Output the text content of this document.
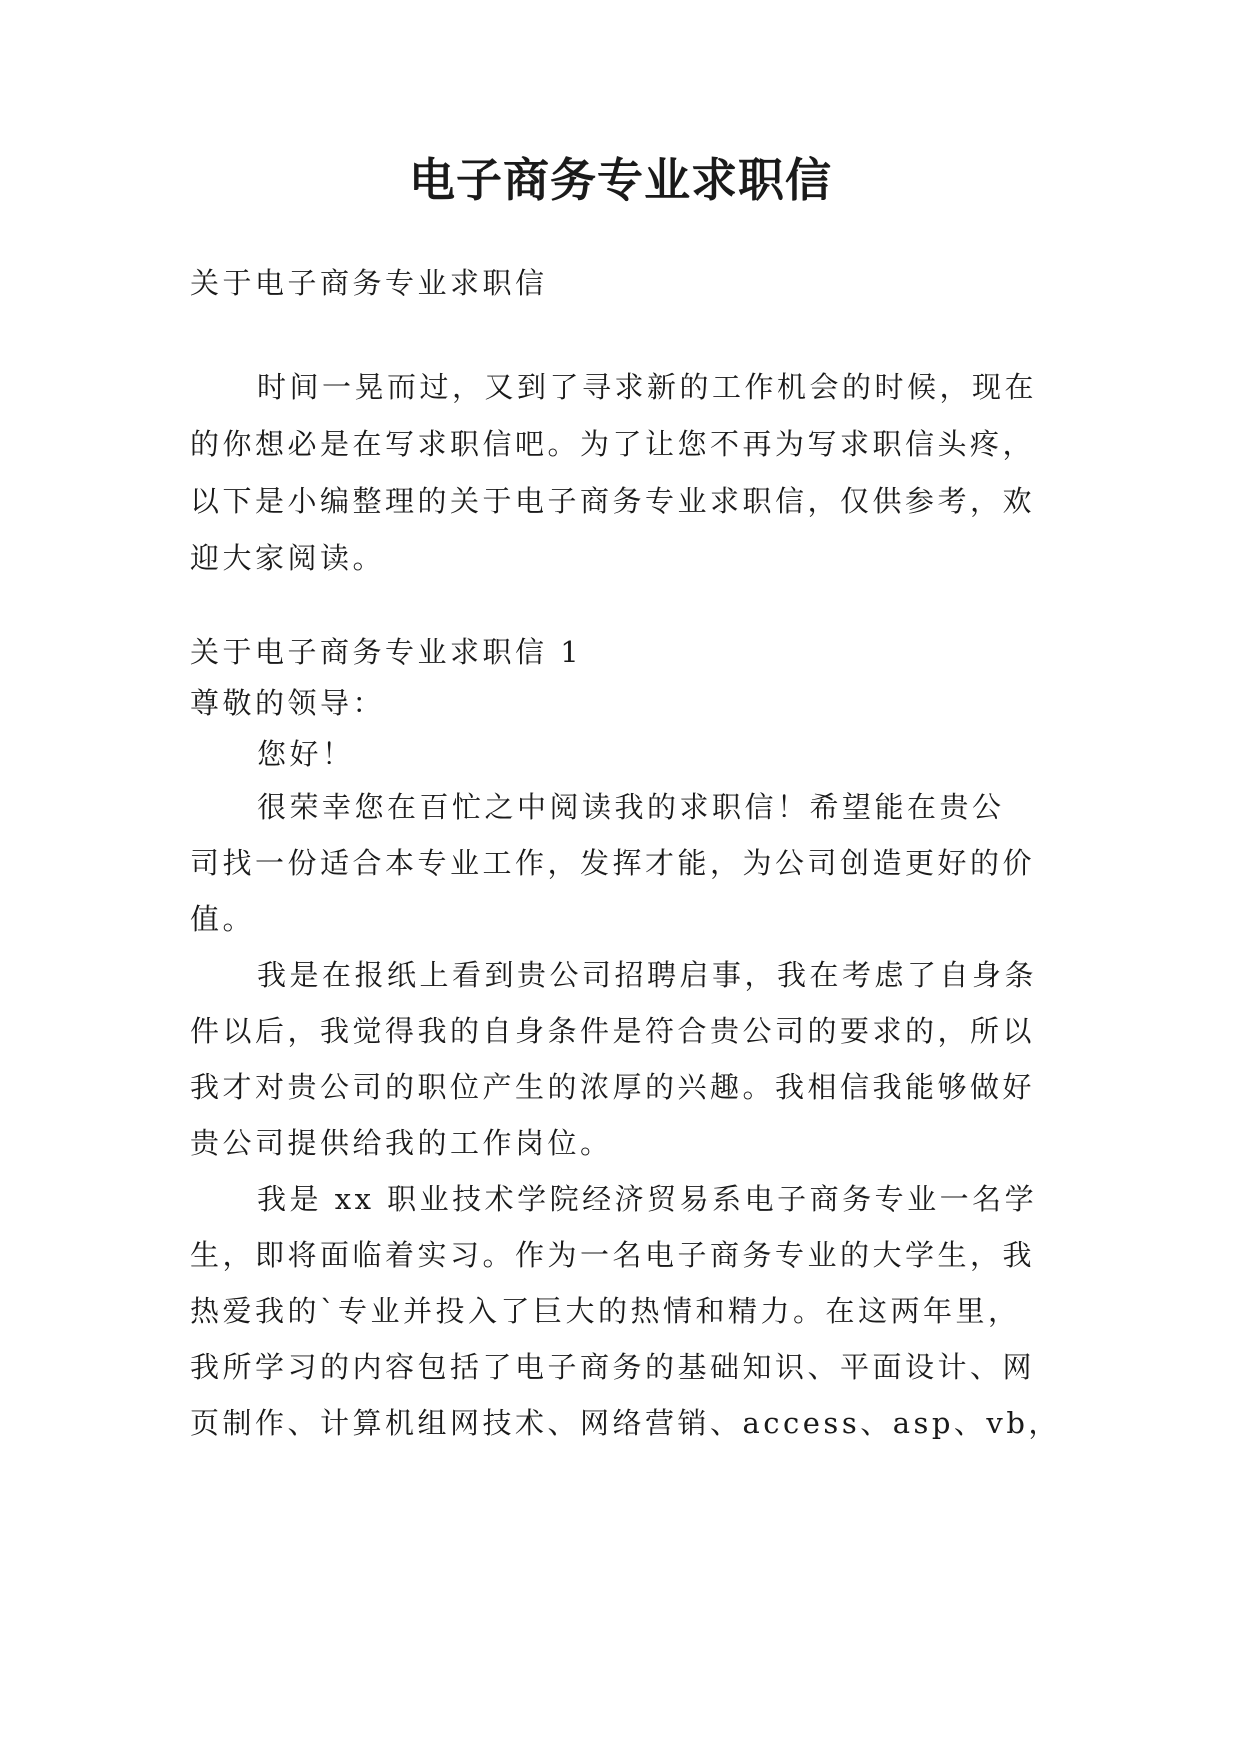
电子商务专业求职信
关于电子商务专业求职信
时间一晃而过，又到了寻求新的工作机会的时候，现在
的你想必是在写求职信吧。为了让您不再为写求职信头疼，
以下是小编整理的关于电子商务专业求职信，仅供参考，欢
迎大家阅读。
关于电子商务专业求职信 1
尊敬的领导：
您好！
很荣幸您在百忙之中阅读我的求职信！希望能在贵公
司找一份适合本专业工作，发挥才能，为公司创造更好的价
值。
我是在报纸上看到贵公司招聘启事，我在考虑了自身条
件以后，我觉得我的自身条件是符合贵公司的要求的，所以
我才对贵公司的职位产生的浓厚的兴趣。我相信我能够做好
贵公司提供给我的工作岗位。
我是 xx 职业技术学院经济贸易系电子商务专业一名学
生，即将面临着实习。作为一名电子商务专业的大学生，我
热爱我的`专业并投入了巨大的热情和精力。在这两年里，
我所学习的内容包括了电子商务的基础知识、平面设计、网
页制作、计算机组网技术、网络营销、access、asp、vb，
